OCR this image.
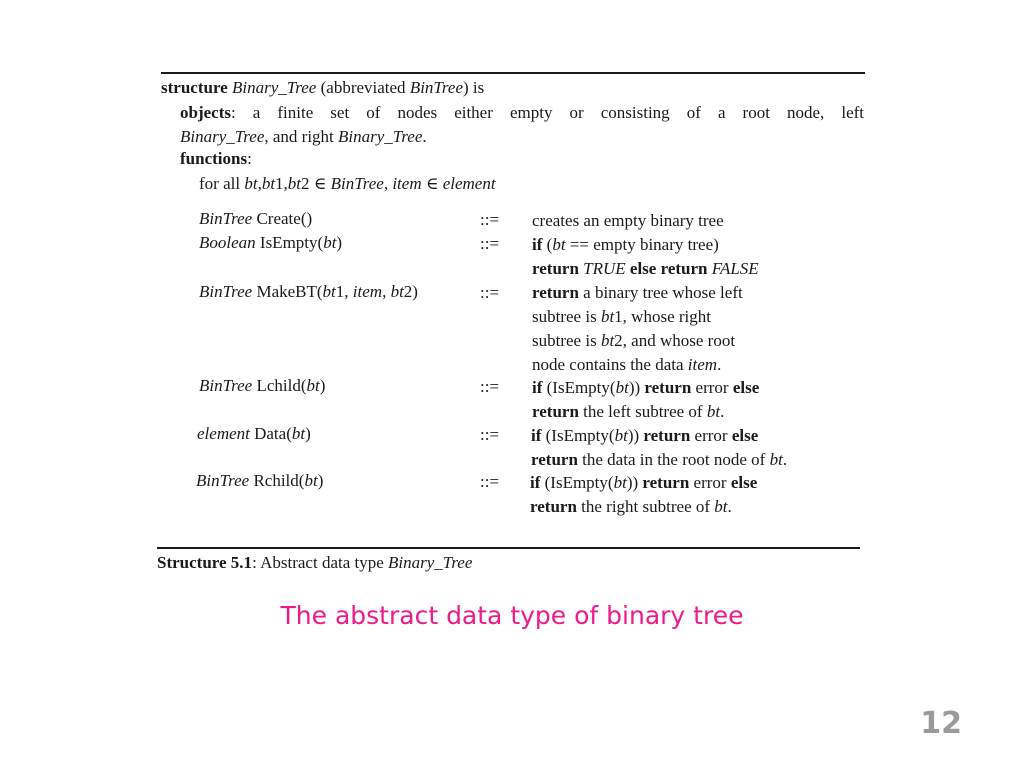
structure Binary_Tree (abbreviated BinTree) is
objects: a finite set of nodes either empty or consisting of a root node, left
Binary_Tree, and right Binary_Tree.
functions:
for all bt,bt1,bt2 ∈ BinTree, item ∈ element
BinTree Create()	::= creates an empty binary tree
Boolean IsEmpty(bt)	::= if (bt == empty binary tree)
return TRUE else return FALSE
BinTree MakeBT(bt1, item, bt2)	::= return a binary tree whose left
subtree is bt1, whose right
subtree is bt2, and whose root
node contains the data item.
BinTree Lchild(bt)	::= if (IsEmpty(bt)) return error else
return the left subtree of bt.
element Data(bt)	::= if (IsEmpty(bt)) return error else
return the data in the root node of bt.
BinTree Rchild(bt)	::= if (IsEmpty(bt)) return error else
return the right subtree of bt.
Structure 5.1: Abstract data type Binary_Tree
The abstract data type of binary tree
12
